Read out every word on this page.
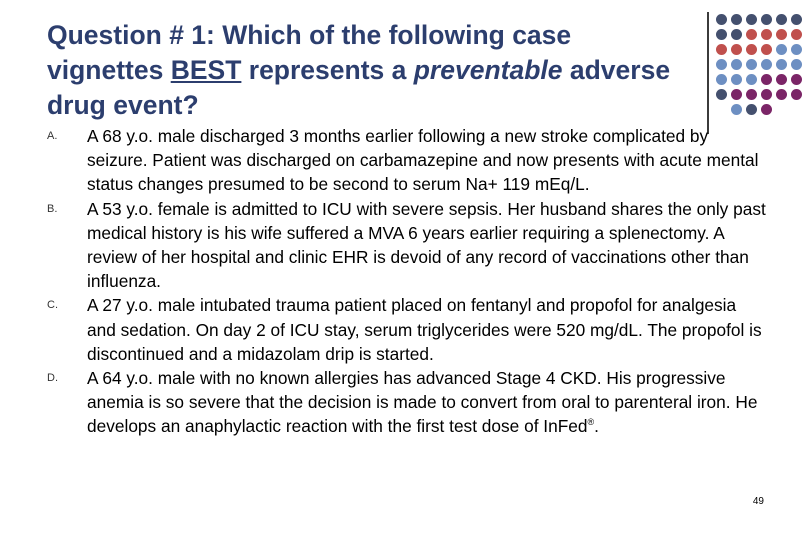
Question # 1: Which of the following case vignettes BEST represents a preventable adverse drug event?
A. A 68 y.o. male discharged 3 months earlier following a new stroke complicated by seizure. Patient was discharged on carbamazepine and now presents with acute mental status changes presumed to be second to serum Na+ 119 mEq/L.
B. A 53 y.o. female is admitted to ICU with severe sepsis. Her husband shares the only past medical history is his wife suffered a MVA 6 years earlier requiring a splenectomy. A review of her hospital and clinic EHR is devoid of any record of vaccinations other than influenza.
C. A 27 y.o. male intubated trauma patient placed on fentanyl and propofol for analgesia and sedation. On day 2 of ICU stay, serum triglycerides were 520 mg/dL. The propofol is discontinued and a midazolam drip is started.
D. A 64 y.o. male with no known allergies has advanced Stage 4 CKD. His progressive anemia is so severe that the decision is made to convert from oral to parenteral iron. He develops an anaphylactic reaction with the first test dose of InFed®.
49
